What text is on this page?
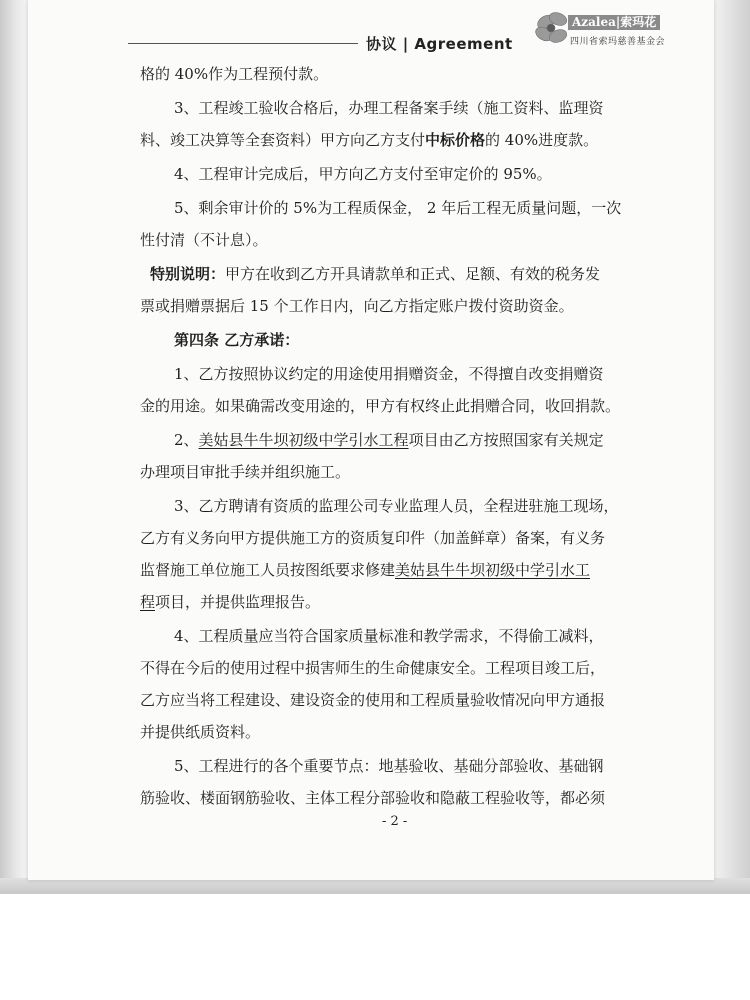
协议 | Agreement
Azalea|索玛花
四川省索玛慈善基金会
格的 40%作为工程预付款。
3、工程竣工验收合格后，办理工程备案手续（施工资料、监理资
料、竣工决算等全套资料）甲方向乙方支付中标价格的 40%进度款。
4、工程审计完成后，甲方向乙方支付至审定价的 95%。
5、剩余审计价的 5%为工程质保金， 2 年后工程无质量问题，一次
性付清（不计息）。
特别说明：甲方在收到乙方开具请款单和正式、足额、有效的税务发
票或捐赠票据后 15 个工作日内，向乙方指定账户拨付资助资金。
第四条 乙方承诺：
1、乙方按照协议约定的用途使用捐赠资金，不得擅自改变捐赠资
金的用途。如果确需改变用途的，甲方有权终止此捐赠合同，收回捐款。
2、美姑县牛牛坝初级中学引水工程项目由乙方按照国家有关规定
办理项目审批手续并组织施工。
3、乙方聘请有资质的监理公司专业监理人员，全程进驻施工现场，
乙方有义务向甲方提供施工方的资质复印件（加盖鲜章）备案，有义务
监督施工单位施工人员按图纸要求修建美姑县牛牛坝初级中学引水工
程项目，并提供监理报告。
4、工程质量应当符合国家质量标准和教学需求，不得偷工减料，
不得在今后的使用过程中损害师生的生命健康安全。工程项目竣工后，
乙方应当将工程建设、建设资金的使用和工程质量验收情况向甲方通报
并提供纸质资料。
5、工程进行的各个重要节点：地基验收、基础分部验收、基础钢
筋验收、楼面钢筋验收、主体工程分部验收和隐蔽工程验收等，都必须
- 2 -
